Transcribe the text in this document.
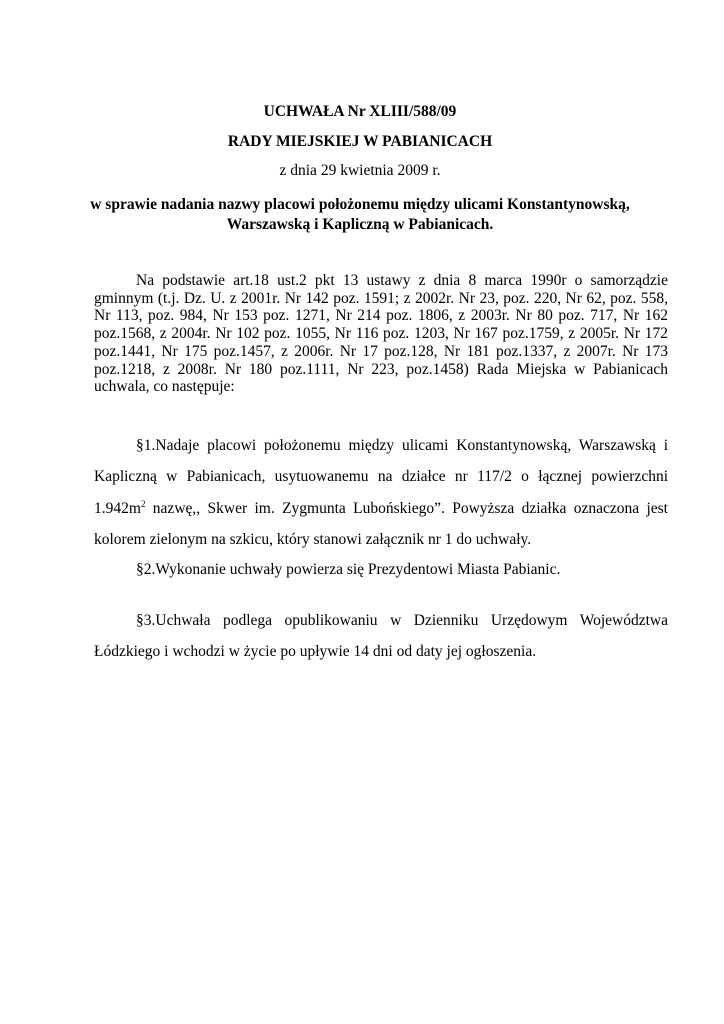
UCHWAŁA Nr XLIII/588/09
RADY MIEJSKIEJ W PABIANICACH
z dnia 29 kwietnia 2009 r.
w sprawie nadania nazwy placowi położonemu między ulicami Konstantynowską, Warszawską i Kapliczną w Pabianicach.
Na podstawie art.18 ust.2 pkt 13 ustawy z dnia 8 marca 1990r o samorządzie gminnym (t.j. Dz. U. z 2001r. Nr 142 poz. 1591; z 2002r. Nr 23, poz. 220, Nr 62, poz. 558, Nr 113, poz. 984, Nr 153 poz. 1271, Nr 214 poz. 1806, z 2003r. Nr 80 poz. 717, Nr 162 poz.1568, z 2004r. Nr 102 poz. 1055, Nr 116 poz. 1203, Nr 167 poz.1759, z 2005r. Nr 172 poz.1441, Nr 175 poz.1457, z 2006r. Nr 17 poz.128, Nr 181 poz.1337, z 2007r. Nr 173 poz.1218, z 2008r. Nr 180 poz.1111, Nr 223, poz.1458) Rada Miejska w Pabianicach uchwala, co następuje:
§1.Nadaje placowi położonemu między ulicami Konstantynowską, Warszawską i Kapliczną w Pabianicach, usytuowanemu na działce nr 117/2 o łącznej powierzchni $1.942m^2$ nazwę,, Skwer im. Zygmunta Lubońskiego”. Powyższa działka oznaczona jest kolorem zielonym na szkicu, który stanowi załącznik nr 1 do uchwały.
§2.Wykonanie uchwały powierza się Prezydentowi Miasta Pabianic.
§3.Uchwała podlega opublikowaniu w Dzienniku Urzędowym Województwa Łódzkiego i wchodzi w życie po upływie 14 dni od daty jej ogłoszenia.
